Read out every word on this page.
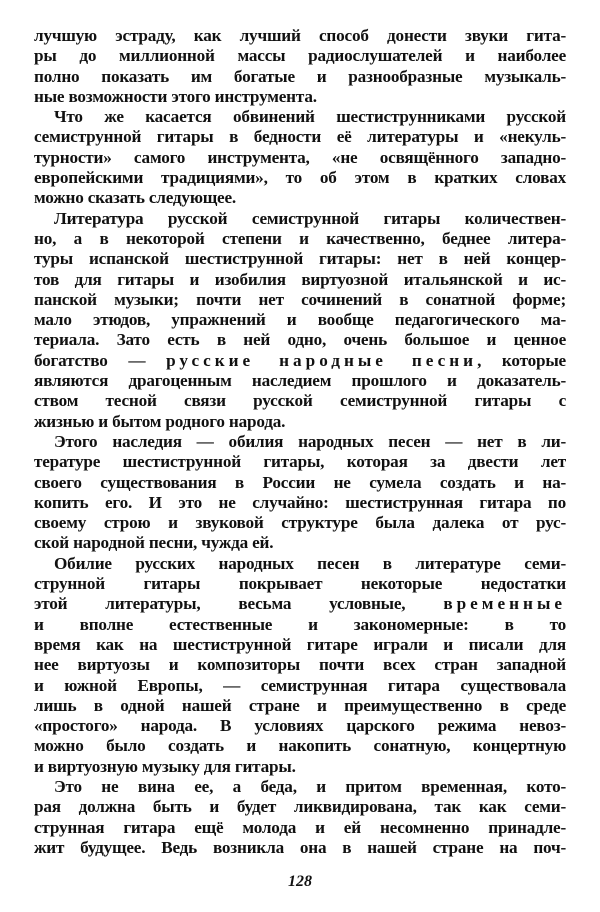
лучшую эстраду, как лучший способ донести звуки гита-
ры до миллионной массы радиослушателей и наиболее
полно показать им богатые и разнообразные музыкаль-
ные возможности этого инструмента.
Что же касается обвинений шестиструнниками русской
семиструнной гитары в бедности её литературы и «некуль-
турности» самого инструмента, «не освящённого западно-
европейскими традициями», то об этом в кратких словах
можно сказать следующее.
Литература русской семиструнной гитары количествен-
но, а в некоторой степени и качественно, беднее литера-
туры испанской шестиструнной гитары: нет в ней концер-
тов для гитары и изобилия виртуозной итальянской и ис-
панской музыки; почти нет сочинений в сонатной форме;
мало этюдов, упражнений и вообще педагогического ма-
териала. Зато есть в ней одно, очень большое и ценное
богатство — русские народные песни, которые
являются драгоценным наследием прошлого и доказатель-
ством тесной связи русской семиструнной гитары с
жизнью и бытом родного народа.
Этого наследия — обилия народных песен — нет в ли-
тературе шестиструнной гитары, которая за двести лет
своего существования в России не сумела создать и на-
копить его. И это не случайно: шестиструнная гитара по
своему строю и звуковой структуре была далека от рус-
ской народной песни, чужда ей.
Обилие русских народных песен в литературе семи-
струнной гитары покрывает некоторые недостатки
этой литературы, весьма условные, временные
и вполне естественные и закономерные: в то
время как на шестиструнной гитаре играли и писали для
нее виртуозы и композиторы почти всех стран западной
и южной Европы, — семиструнная гитара существовала
лишь в одной нашей стране и преимущественно в среде
«простого» народа. В условиях царского режима невоз-
можно было создать и накопить сонатную, концертную
и виртуозную музыку для гитары.
Это не вина ее, а беда, и притом временная, кото-
рая должна быть и будет ликвидирована, так как семи-
струнная гитара ещё молода и ей несомненно принадле-
жит будущее. Ведь возникла она в нашей стране на поч-
128
